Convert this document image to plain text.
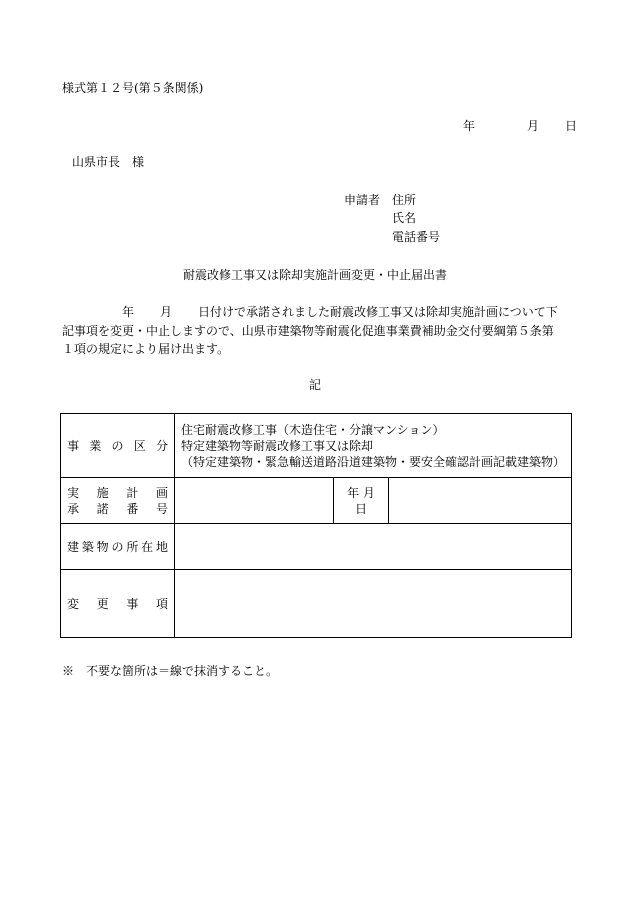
様式第１２号(第５条関係)
年	月 日
山県市長　様
申請者 住所
氏名
電話番号
耐震改修工事又は除却実施計画変更・中止届出書
年 月 日付けで承諾されました耐震改修工事又は除却実施計画について下
記事項を変更・中止しますので、山県市建築物等耐震化促進事業費補助金交付要綱第５条第
１項の規定により届け出ます。
記
事業の区分	住宅耐震改修工事（木造住宅・分譲マンション）
特定建築物等耐震改修工事又は除却
（特定建築物・緊急輸送道路沿道建築物・要安全確認計画記載建築物）		

実施計画
承諾番号		年 月 日	

建築物の所在地			

変更事項			

※　不要な箇所は＝線で抹消すること。
